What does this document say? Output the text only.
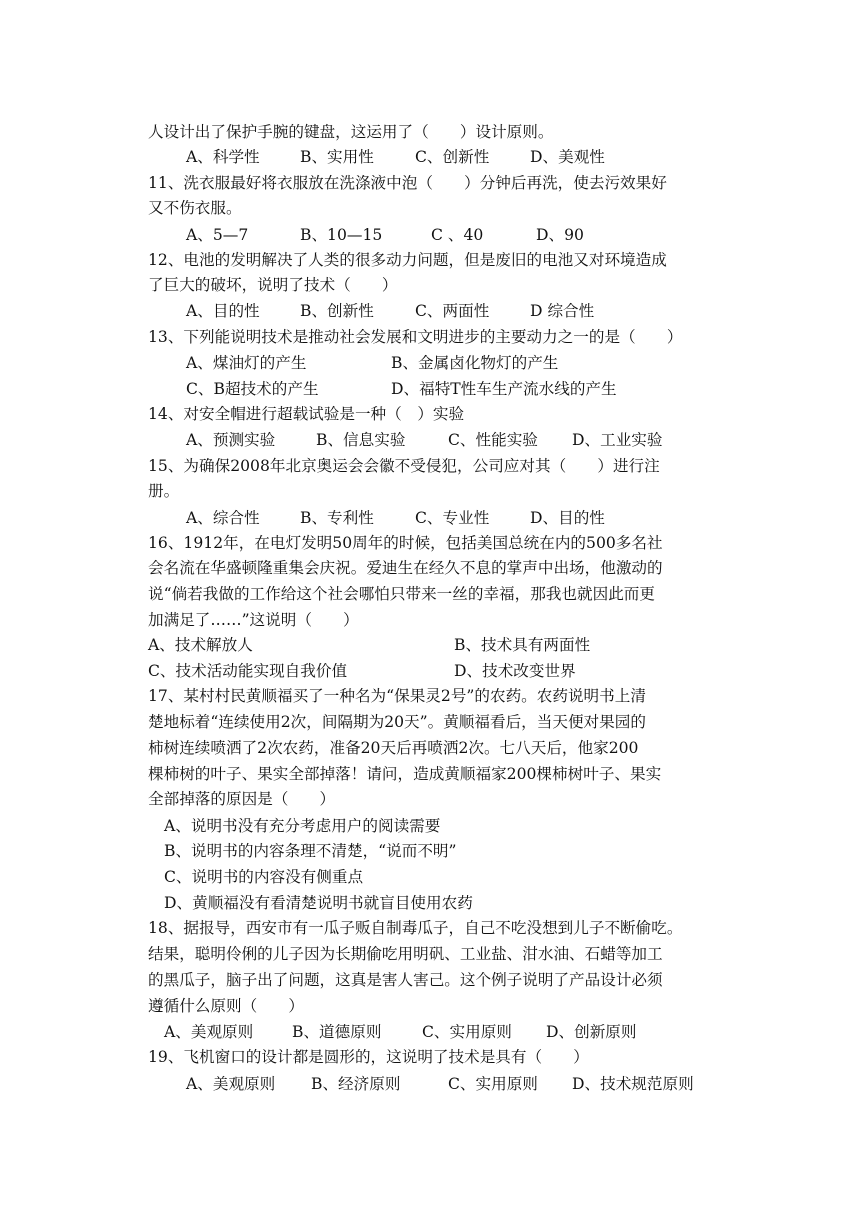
人设计出了保护手腕的键盘，这运用了（　　）设计原则。
A、科学性	B、实用性	C、创新性	D、美观性
11、洗衣服最好将衣服放在洗涤液中泡（　　）分钟后再洗，使去污效果好
又不伤衣服。
A、5—7	B、10—15	C 、40	D、90
12、电池的发明解决了人类的很多动力问题，但是废旧的电池又对环境造成
了巨大的破坏，说明了技术（　　）
A、目的性	B、创新性	C、两面性	D 综合性
13、下列能说明技术是推动社会发展和文明进步的主要动力之一的是（　　）
A、煤油灯的产生	B、金属卤化物灯的产生
C、B超技术的产生	D、福特T性车生产流水线的产生
14、对安全帽进行超载试验是一种（　）实验
A、预测实验	B、信息实验	C、性能实验 D、工业实验
15、为确保2008年北京奥运会会徽不受侵犯，公司应对其（　　）进行注
册。
A、综合性	B、专利性	C、专业性	D、目的性
16、1912年，在电灯发明50周年的时候，包括美国总统在内的500多名社
会名流在华盛顿隆重集会庆祝。爱迪生在经久不息的掌声中出场，他激动的
说“倘若我做的工作给这个社会哪怕只带来一丝的幸福，那我也就因此而更
加满足了……”这说明（　　）
A、技术解放人	B、技术具有两面性
C、技术活动能实现自我价值	D、技术改变世界
17、某村村民黄顺福买了一种名为“保果灵2号”的农药。农药说明书上清
楚地标着“连续使用2次，间隔期为20天”。黄顺福看后，当天便对果园的
柿树连续喷洒了2次农药，准备20天后再喷洒2次。七八天后，他家200
棵柿树的叶子、果实全部掉落！请问，造成黄顺福家200棵柿树叶子、果实
全部掉落的原因是（　　）
A、说明书没有充分考虑用户的阅读需要
B、说明书的内容条理不清楚，“说而不明”
C、说明书的内容没有侧重点
D、黄顺福没有看清楚说明书就盲目使用农药
18、据报导，西安市有一瓜子贩自制毒瓜子，自己不吃没想到儿子不断偷吃。
结果，聪明伶俐的儿子因为长期偷吃用明矾、工业盐、泔水油、石蜡等加工
的黑瓜子，脑子出了问题，这真是害人害己。这个例子说明了产品设计必须
遵循什么原则（　　）
A、美观原则 B、道德原则	C、实用原则 D、创新原则
19、飞机窗口的设计都是圆形的，这说明了技术是具有（　　）
A、美观原则 B、经济原则	C、实用原则 D、技术规范原则
